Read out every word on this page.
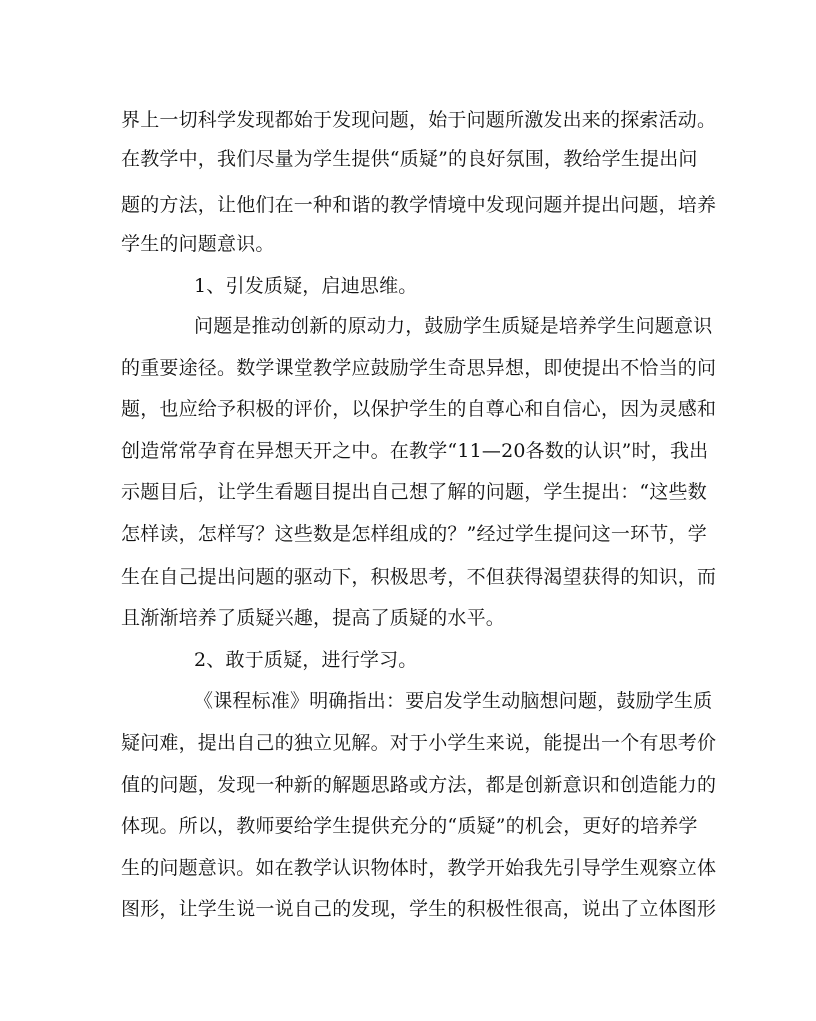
界上一切科学发现都始于发现问题，始于问题所激发出来的探索活动。
在教学中，我们尽量为学生提供“质疑”的良好氛围，教给学生提出问
题的方法，让他们在一种和谐的教学情境中发现问题并提出问题，培养
学生的问题意识。
1、引发质疑，启迪思维。
问题是推动创新的原动力，鼓励学生质疑是培养学生问题意识
的重要途径。数学课堂教学应鼓励学生奇思异想，即使提出不恰当的问
题，也应给予积极的评价，以保护学生的自尊心和自信心，因为灵感和
创造常常孕育在异想天开之中。在教学“11—20各数的认识”时，我出
示题目后，让学生看题目提出自己想了解的问题，学生提出：“这些数
怎样读，怎样写？这些数是怎样组成的？”经过学生提问这一环节，学
生在自己提出问题的驱动下，积极思考，不但获得渴望获得的知识，而
且渐渐培养了质疑兴趣，提高了质疑的水平。
2、敢于质疑，进行学习。
《课程标准》明确指出：要启发学生动脑想问题，鼓励学生质
疑问难，提出自己的独立见解。对于小学生来说，能提出一个有思考价
值的问题，发现一种新的解题思路或方法，都是创新意识和创造能力的
体现。所以，教师要给学生提供充分的“质疑”的机会，更好的培养学
生的问题意识。如在教学认识物体时，教学开始我先引导学生观察立体
图形，让学生说一说自己的发现，学生的积极性很高，说出了立体图形
